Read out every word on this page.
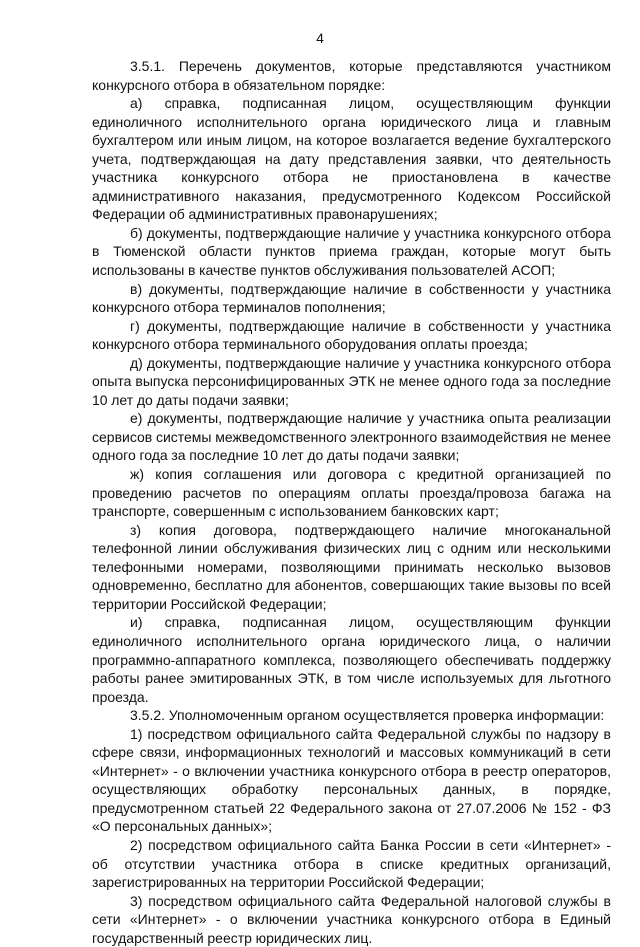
4

3.5.1. Перечень документов, которые представляются участником конкурсного отбора в обязательном порядке:

а) справка, подписанная лицом, осуществляющим функции единоличного исполнительного органа юридического лица и главным бухгалтером или иным лицом, на которое возлагается ведение бухгалтерского учета, подтверждающая на дату представления заявки, что деятельность участника конкурсного отбора не приостановлена в качестве административного наказания, предусмотренного Кодексом Российской Федерации об административных правонарушениях;

б) документы, подтверждающие наличие у участника конкурсного отбора в Тюменской области пунктов приема граждан, которые могут быть использованы в качестве пунктов обслуживания пользователей АСОП;

в) документы, подтверждающие наличие в собственности у участника конкурсного отбора терминалов пополнения;

г) документы, подтверждающие наличие в собственности у участника конкурсного отбора терминального оборудования оплаты проезда;

д) документы, подтверждающие наличие у участника конкурсного отбора опыта выпуска персонифицированных ЭТК не менее одного года за последние 10 лет до даты подачи заявки;

е) документы, подтверждающие наличие у участника опыта реализации сервисов системы межведомственного электронного взаимодействия не менее одного года за последние 10 лет до даты подачи заявки;

ж) копия соглашения или договора с кредитной организацией по проведению расчетов по операциям оплаты проезда/провоза багажа на транспорте, совершенным с использованием банковских карт;

з) копия договора, подтверждающего наличие многоканальной телефонной линии обслуживания физических лиц с одним или несколькими телефонными номерами, позволяющими принимать несколько вызовов одновременно, бесплатно для абонентов, совершающих такие вызовы по всей территории Российской Федерации;

и) справка, подписанная лицом, осуществляющим функции единоличного исполнительного органа юридического лица, о наличии программно-аппаратного комплекса, позволяющего обеспечивать поддержку работы ранее эмитированных ЭТК, в том числе используемых для льготного проезда.

3.5.2. Уполномоченным органом осуществляется проверка информации:

1) посредством официального сайта Федеральной службы по надзору в сфере связи, информационных технологий и массовых коммуникаций в сети «Интернет» - о включении участника конкурсного отбора в реестр операторов, осуществляющих обработку персональных данных, в порядке, предусмотренном статьей 22 Федерального закона от 27.07.2006 № 152 - ФЗ «О персональных данных»;

2) посредством официального сайта Банка России в сети «Интернет» - об отсутствии участника отбора в списке кредитных организаций, зарегистрированных на территории Российской Федерации;

3) посредством официального сайта Федеральной налоговой службы в сети «Интернет» - о включении участника конкурсного отбора в Единый государственный реестр юридических лиц.
